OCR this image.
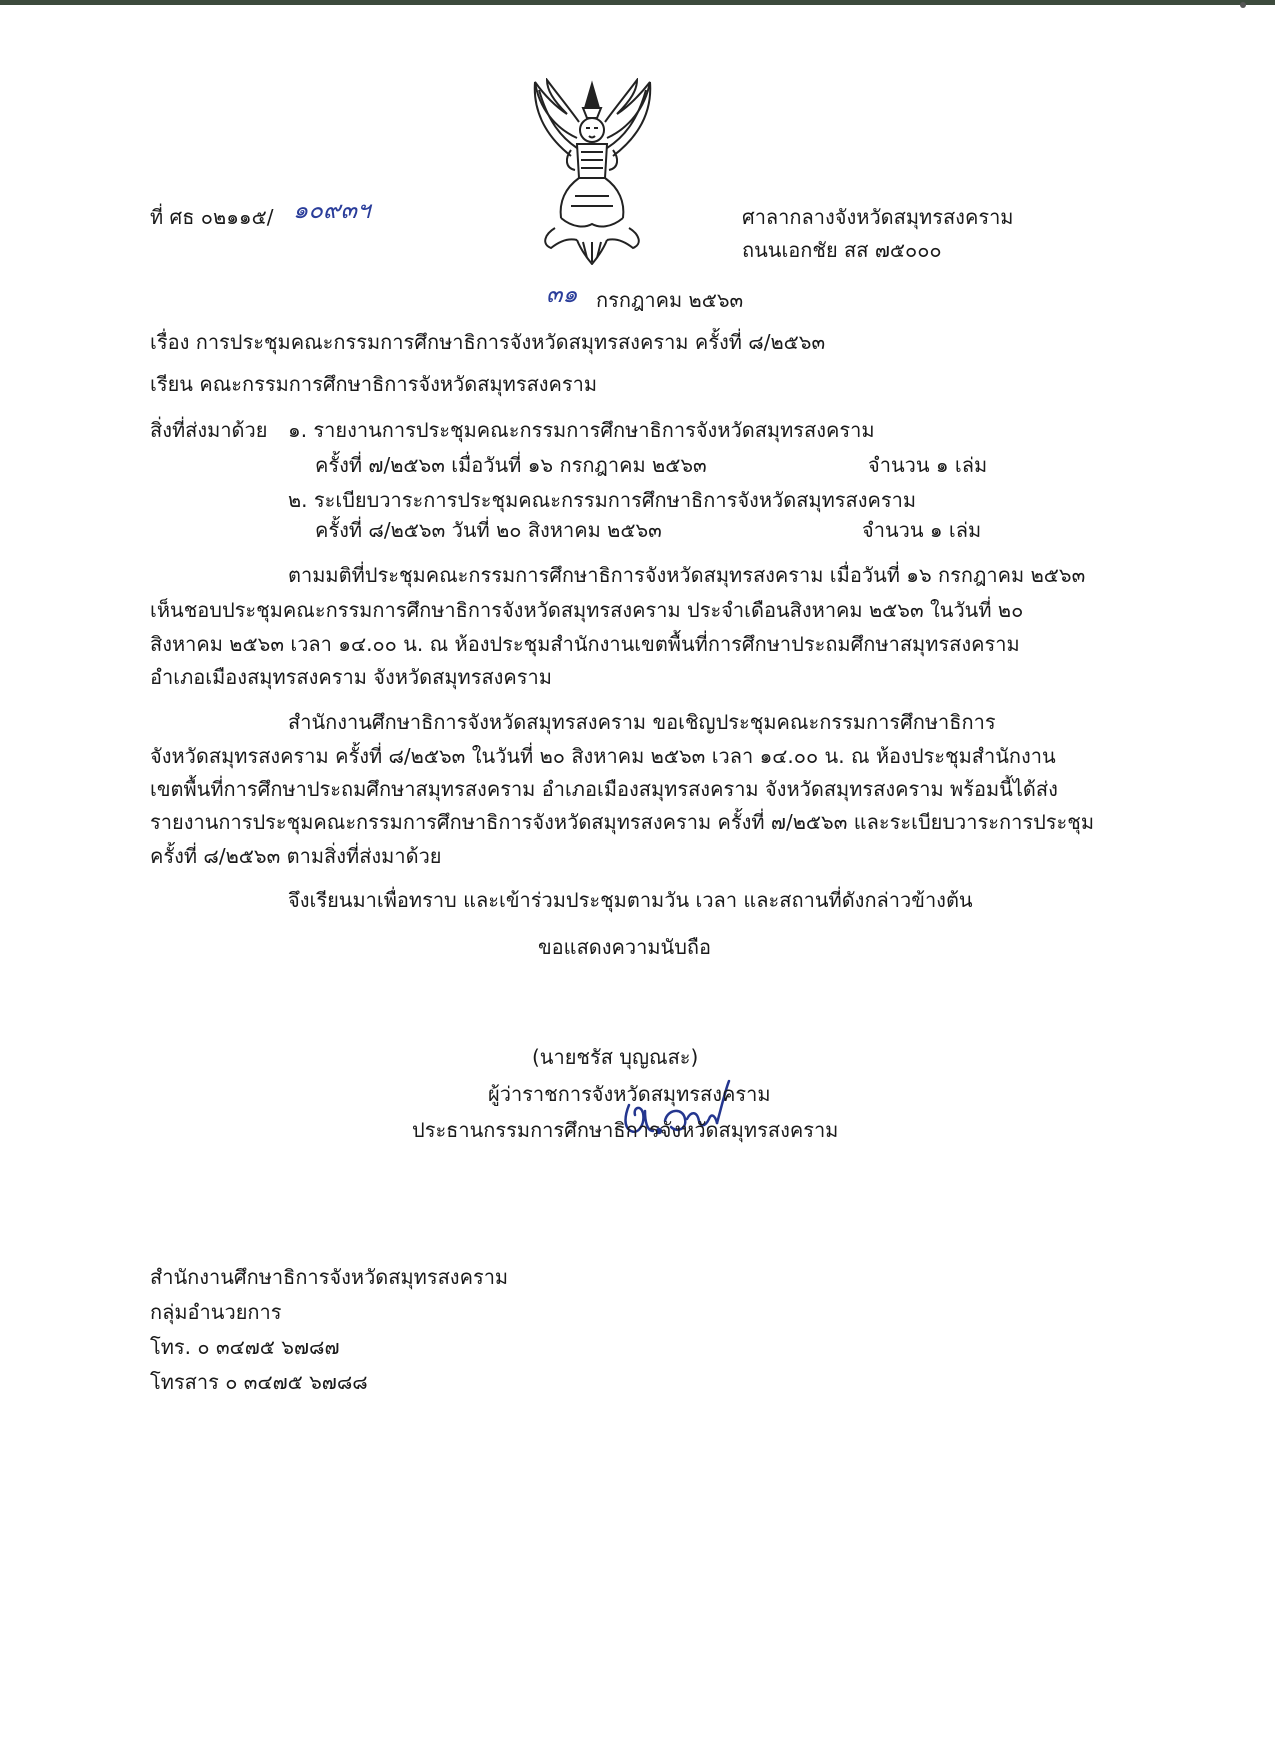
ที่ ศธ ๐๒๑๑๕/ ๑๐๙๓ฯ	ศาลากลางจังหวัดสมุทรสงคราม
ถนนเอกชัย สส ๗๕๐๐๐
๓๑ กรกฎาคม ๒๕๖๓
เรื่อง การประชุมคณะกรรมการศึกษาธิการจังหวัดสมุทรสงคราม ครั้งที่ ๘/๒๕๖๓
เรียน คณะกรรมการศึกษาธิการจังหวัดสมุทรสงคราม
สิ่งที่ส่งมาด้วย ๑. รายงานการประชุมคณะกรรมการศึกษาธิการจังหวัดสมุทรสงคราม
ครั้งที่ ๗/๒๕๖๓ เมื่อวันที่ ๑๖ กรกฎาคม ๒๕๖๓	จำนวน ๑ เล่ม
๒. ระเบียบวาระการประชุมคณะกรรมการศึกษาธิการจังหวัดสมุทรสงคราม
ครั้งที่ ๘/๒๕๖๓ วันที่ ๒๐ สิงหาคม ๒๕๖๓	จำนวน ๑ เล่ม
ตามมติที่ประชุมคณะกรรมการศึกษาธิการจังหวัดสมุทรสงคราม เมื่อวันที่ ๑๖ กรกฎาคม ๒๕๖๓
เห็นชอบประชุมคณะกรรมการศึกษาธิการจังหวัดสมุทรสงคราม ประจำเดือนสิงหาคม ๒๕๖๓ ในวันที่ ๒๐
สิงหาคม ๒๕๖๓ เวลา ๑๔.๐๐ น. ณ ห้องประชุมสำนักงานเขตพื้นที่การศึกษาประถมศึกษาสมุทรสงคราม
อำเภอเมืองสมุทรสงคราม จังหวัดสมุทรสงคราม
สำนักงานศึกษาธิการจังหวัดสมุทรสงคราม ขอเชิญประชุมคณะกรรมการศึกษาธิการ
จังหวัดสมุทรสงคราม ครั้งที่ ๘/๒๕๖๓ ในวันที่ ๒๐ สิงหาคม ๒๕๖๓ เวลา ๑๔.๐๐ น. ณ ห้องประชุมสำนักงาน
เขตพื้นที่การศึกษาประถมศึกษาสมุทรสงคราม อำเภอเมืองสมุทรสงคราม จังหวัดสมุทรสงคราม พร้อมนี้ได้ส่ง
รายงานการประชุมคณะกรรมการศึกษาธิการจังหวัดสมุทรสงคราม ครั้งที่ ๗/๒๕๖๓ และระเบียบวาระการประชุม
ครั้งที่ ๘/๒๕๖๓ ตามสิ่งที่ส่งมาด้วย
จึงเรียนมาเพื่อทราบ และเข้าร่วมประชุมตามวัน เวลา และสถานที่ดังกล่าวข้างต้น
ขอแสดงความนับถือ
(นายชรัส บุญณสะ)
ผู้ว่าราชการจังหวัดสมุทรสงคราม
ประธานกรรมการศึกษาธิการจังหวัดสมุทรสงคราม
สำนักงานศึกษาธิการจังหวัดสมุทรสงคราม
กลุ่มอำนวยการ
โทร. ๐ ๓๔๗๕ ๖๗๘๗
โทรสาร ๐ ๓๔๗๕ ๖๗๘๘
